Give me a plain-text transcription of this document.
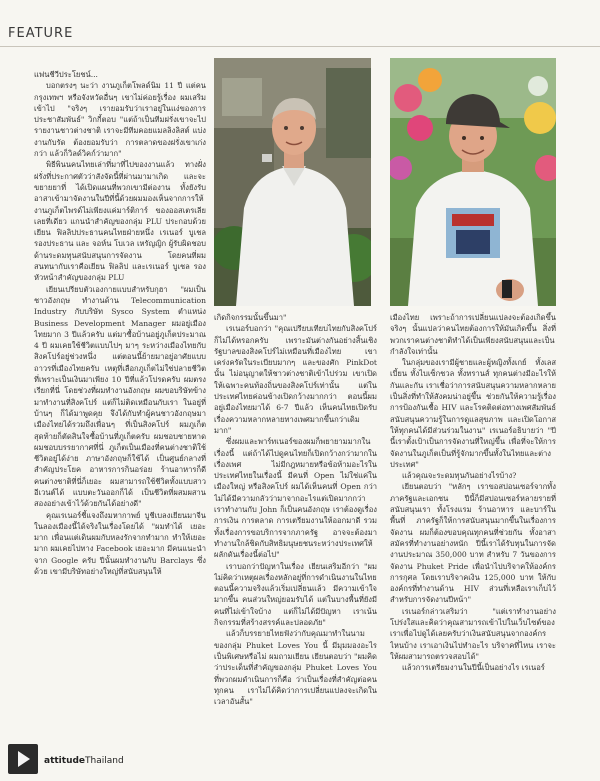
FEATURE

แฟนชีวีประโยชน์...

บอกตรงๆ นะว่า งานภูเก็ตโพลด์นิม 11 ปี แต่คนกรุงเทพฯ หรือจังหวัดอื่นๆ เขาไม่ค่อยรู้เรื่อง ผมเสริมเข้าไป "จริงๆ เรายอมรับว่าเราอยู่ในแง่ของการประชาสัมพันธ์" วิกกี้ตอบ "แต่ถ้าเป็นทีมฝรั่งเขาจะไปรายงานชาวต่างชาติ เราจะมีทีมคอยแมลลิงลิสต์ แบ่งงานกับรัด ต้องยอมรับว่า การตลาดของฝรั่งเขาเก่งกว่า แล้วก็วิลด์วิคก์ว่ามาก"

พิธีพินนคนไทยเล่าที่มาที่ไปของงานแล้ว ทางฝั่งฝรั่งที่ประกาศตัวว่าสังจัดนี้ที่ผ่านมามาเกิด และจะขยายยาที่ ได้เปิดแผนที่พวกเขามีต่องาน ทั้งยังรับอาสาเข้ามาจัดงานในปีที่นี้ด้วยผมมองเห็นจากการให้งานภูเก็ตไพรด์ไม่เพียงแค่มาร์ติการ์ ของออสเตรเลีย เลยที่เดียว แกนนำสำคัญของกลุ่ม PLU ประกอบด้วย เยียน ฟิลลิปประธานคนไทยฝ่ายหนึ่ง เรเนอร์ บูเชล รองประธาน และ จอห์น โบเวล เหรัญญิก ผู้รับผิดชอบด้านระดมทุนสนับสนุนการจัดงาน โดยคนที่ผมสนทนากับเราคือเยียน ฟิลลิป และเรเนอร์ บูเชล รองหัวหน้าสำคัญของกลุ่ม PLU

เยียนเปรียบตัวเองกายแบบสำหรับกุฮา "ผมเป็นชาวอังกฤษ ทำงานด้าน Telecommunication Industry กับบริษัท Sysco System ตำแหน่ง Business Development Manager ผมอยู่เมืองไทยมาก 3 ปีแล้วครับ แต่มาซื้อบ้านอยู่ภูเก็ตประมาณ 4 ปี ผมเคยใช้ชีวิตแบบไปๆ มาๆ ระหว่างเมืองไทยกับสิงคโปร์อยู่ช่วงหนึ่ง แต่ตอนนี้ย้ายมาอยู่อาศัยแบบถาวรที่เมืองไทยครับ เหตุที่เลือกภูเก็ตไม่ใช่ปลายชีวิตที่เพราะเป็นเงินมาเพียง 10 ปีที่แล้วโปรดครับ ผมตรงเรียกที่นี่ โดยช่วงที่ผมทำงานอังกฤษ ผมขอบริษัทข้างมาทำงานที่สิงคโปร์ แต่ก็ไม่ติดเหมือนกับเรา ในอยู่ที่บ้านๆ ก็ได้มาพูดคุย จึงได้กับทำผู้คนชาวอังกฤษมาเมืองไทยได้รวมถึงเพื่อนๆ ที่เป็นสิงคโปร์ ผมภูเก็ต สุดท้ายก็ตัดสินใจซื้อบ้านที่ภูเก็ตครับ ผมชอบชายหาด ผมชอบบรรยากาศที่นี่ ภูเก็ตเป็นเมืองที่คนต่างชาติใช้ชีวิตอยู่ได้ง่าย ภาษาอังกฤษก็ใช้ได้ เป็นศูนย์กลางที่สำคัญประโยค อาหารการกินอร่อย ร้านอาหารก็ดี คนต่างชาติที่นี่ก็เยอะ ผมสามารถใช้ชีวิตทั้งแบบสาวอีเวนต์ได้ แบบตะวันออกก็ได้ เป็นชีวิตที่ผสมผสานสองอย่างเข้าไว้ด้วยกันได้อย่างดี"

คุณเรเนอร์ชี้แจงถึงมหากาพย์ บูชีเบลงเยียนมาจีนในลองเมืองนี้ได้จริงในเรื่องโดยได้ "ผมทำได้ เยอะมาก เพื่อนแต่เดินผมกับหลงรักจากทำมาก ทำให้เยอะมาก ผมเคยไปทาง Facebook เยอะมาก มีคนแนะนำจาก Google ครับ ปีนั้นผมทำงานกับ Barclays ซึ่งด้วย เขามีบริษัทอย่างใหญ่ที่สนับสนุนให้

เกิดกิจกรรมนั้นขึ้นมา"

เรเนอร์บอกว่า "คุณเปรียบเทียบไทยกับสิงคโปร์ก็ไม่ได้หรอกครับ เพราะมันต่างกันอย่างสิ้นเชิง รัฐบาลของสิงคโปร์ไม่เหมือนที่เมืองไทย เขาเคร่งครัดในระเบียบมากๆ และของศัก PinkDot นั้น ไม่อนุญาตให้ชาวต่างชาติเข้าไปร่วม เขาเปิดให้เฉพาะคนท้องถิ่นของสิงคโปร์เท่านั้น แต่ในประเทศไทยค่อนข้างเปิดกว้างมากกว่า ตอนนี้ผมอยู่เมืองไทยมาได้ 6-7 ปีแล้ว เห็นคนไทยเปิดรับเรื่องความหลากหลายทางเพศมากขึ้นกว่าเดิมมาก"

ซึ่งผมและพาร์ทเนอร์ของผมก็พยายามมากในเรื่องนี้ แต่ถ้าได้ไปดูคนไทยก็เปิดกว้างกว่ามากในเรื่องเพศ ไม่มีกฎหมายหรือข้อห้ามอะไรในประเทศไทยในเรื่องนี้ มีคนที่ Open ไม่ใช่แค่ในเมืองใหญ่ หรือสิงคโปร์ ผมได้เห็นคนที่ Open กว่า ไม่ได้มีความกลัวว่ามาจากอะไรแต่เปิดมากกว่า เราทำงานกับ John ก็เป็นคนอังกฤษ เราต้องดูเรื่องการเงิน การตลาด การเตรียมงานให้ออกมาดี รวมทั้งเรื่องการขอบริการจากภาครัฐ อาจจะต้องมาทำงานใกล้ชิดกับสิทธิมนุษยชนระหว่างประเทศให้ผลักดันเรื่องนี้ต่อไป"

เราบอกว่าปัญหาในเรื่อง เยียนเสริมอีกว่า "ผมไม่คิดว่าเหตุผลเรื่องหลักอยู่ที่การดำเนินงานในไทย ตอนนี้ความจริงแล้วเริ่มเปลี่ยนแล้ว มีความเข้าใจมากขึ้น คนส่วนใหญ่ยอมรับได้ แต่ในบางพื้นที่ยังมีคนที่ไม่เข้าใจบ้าง แต่ก็ไม่ได้มีปัญหา เราเน้นกิจกรรมที่สร้างสรรค์และปลอดภัย"

แล้วก็บรรยายไทยฟังว่ากับคุณมาทำในนามของกลุ่ม Phuket Loves You นี้ มีมุมมองอะไรเป็นพิเศษหรือไม่ ผมถามเยียน เยียนตอบว่า "ผมคิดว่าประเด็นที่สำคัญของกลุ่ม Phuket Loves You ที่พวกผมดำเนินการก็คือ ว่าเป็นเรื่องที่สำคัญต่อคนทุกคน เราไม่ได้คิดว่าการเปลี่ยนแปลงจะเกิดในเวลาอันสั้น"

เมืองไทย เพราะถ้าการเปลี่ยนแปลงจะต้องเกิดขึ้นจริงๆ นั้นแปลว่าคนไทยต้องการให้มันเกิดขึ้น สิ่งที่พวกเราคนต่างชาติทำได้เป็นเพียงสนับสนุนและเป็นกำลังใจเท่านั้น

ในกลุ่มของเรามีผู้ชายและผู้หญิงทั้งเกย์ ทั้งเลสเบี้ยน ทั้งไบเซ็กชวล ทั้งทรานส์ ทุกคนต่างมีอะไรให้กันและกัน เราเชื่อว่าการสนับสนุนความหลากหลายเป็นสิ่งที่ทำให้สังคมน่าอยู่ขึ้น ช่วยกันให้ความรู้เรื่องการป้องกันเชื้อ HIV และโรคติดต่อทางเพศสัมพันธ์ สนับสนุนความรู้ในการดูแลสุขภาพ และเปิดโอกาสให้ทุกคนได้มีส่วนร่วมในงาน" เรเนอร์อธิบายว่า "ปีนี้เราตั้งเป้าเป็นการจัดงานที่ใหญ่ขึ้น เพื่อที่จะให้การจัดงานในภูเก็ตเป็นที่รู้จักมากขึ้นทั้งในไทยและต่างประเทศ"

แล้วคุณจะระดมทุนกันอย่างไรบ้าง?

เยียนตอบว่า "หลักๆ เราขอสปอนเซอร์จากทั้งภาครัฐและเอกชน ปีนี้ก็มีสปอนเซอร์หลายรายที่สนับสนุนเรา ทั้งโรงแรม ร้านอาหาร และบาร์ในพื้นที่ ภาครัฐก็ให้การสนับสนุนมากขึ้นในเรื่องการจัดงาน ผมก็ต้องขอบคุณทุกคนที่ช่วยกัน ทั้งอาสาสมัครที่ทำงานอย่างหนัก ปีนี้เราได้รับทุนในการจัดงานประมาณ 350,000 บาท สำหรับ 7 วันของการจัดงาน Phuket Pride เพื่อนำไปบริจาคให้องค์กรการกุศล โดยเราบริจาคเงิน 125,000 บาท ให้กับองค์กรที่ทำงานด้าน HIV ส่วนที่เหลือเราเก็บไว้สำหรับการจัดงานปีหน้า"

เรเนอร์กล่าวเสริมว่า "แต่เราทำงานอย่างโปร่งใสและคิดว่าคุณสามารถเข้าไปในเว็บไซต์ของเราเพื่อไปดูได้เลยครับว่าเงินสนับสนุนจากองค์กรไหนบ้าง เราเอาเงินไปทำอะไร บริจาคที่ไหน เราจะให้ผมสามารถตรวจสอบได้"

แล้วการเตรียมงานในปีนี้เป็นอย่างไร เรเนอร์

attitudeThailand
